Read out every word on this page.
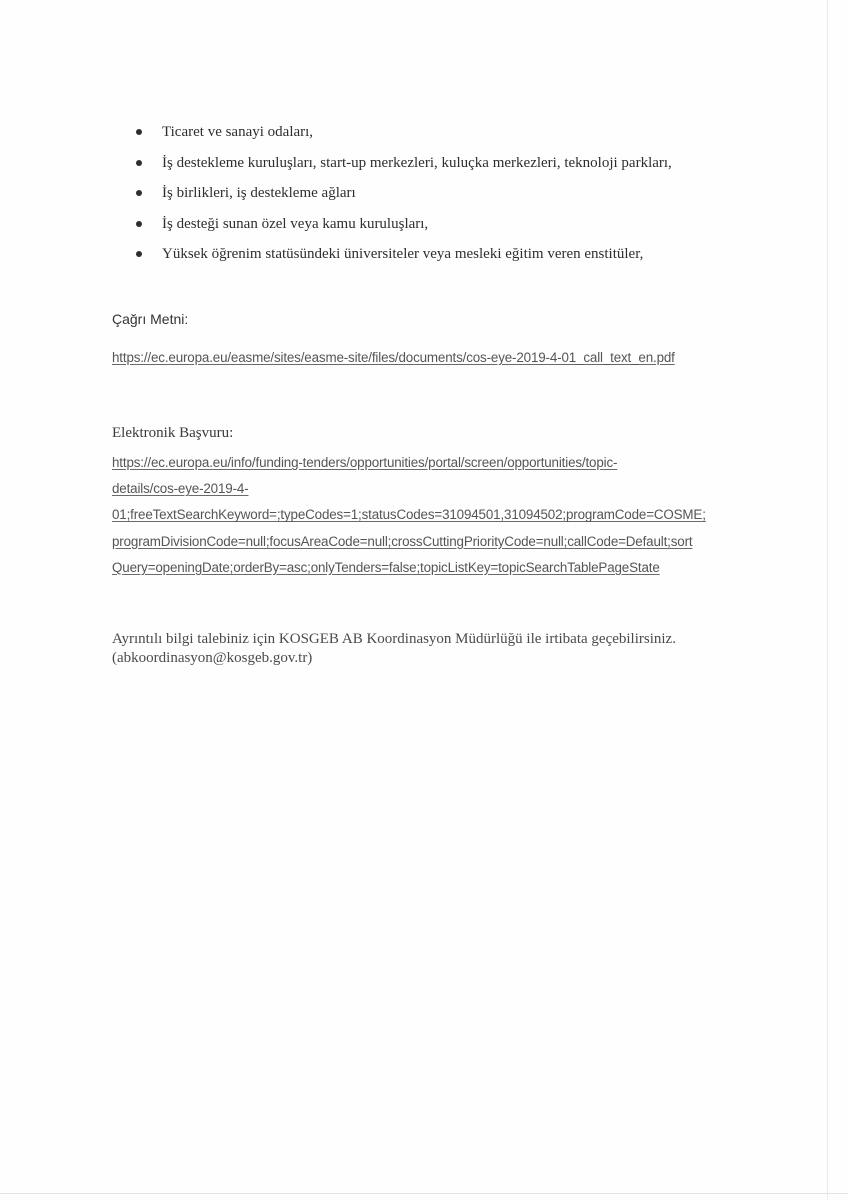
Ticaret ve sanayi odaları,
İş destekleme kuruluşları, start-up merkezleri, kuluçka merkezleri, teknoloji parkları,
İş birlikleri, iş destekleme ağları
İş desteği sunan özel veya kamu kuruluşları,
Yüksek öğrenim statüsündeki üniversiteler veya mesleki eğitim veren enstitüler,
Çağrı Metni:
https://ec.europa.eu/easme/sites/easme-site/files/documents/cos-eye-2019-4-01_call_text_en.pdf
Elektronik Başvuru:
https://ec.europa.eu/info/funding-tenders/opportunities/portal/screen/opportunities/topic-
details/cos-eye-2019-4-
01;freeTextSearchKeyword=;typeCodes=1;statusCodes=31094501,31094502;programCode=COSME;
programDivisionCode=null;focusAreaCode=null;crossCuttingPriorityCode=null;callCode=Default;sort
Query=openingDate;orderBy=asc;onlyTenders=false;topicListKey=topicSearchTablePageState
Ayrıntılı bilgi talebiniz için KOSGEB AB Koordinasyon Müdürlüğü ile irtibata geçebilirsiniz.
(abkoordinasyon@kosgeb.gov.tr)
